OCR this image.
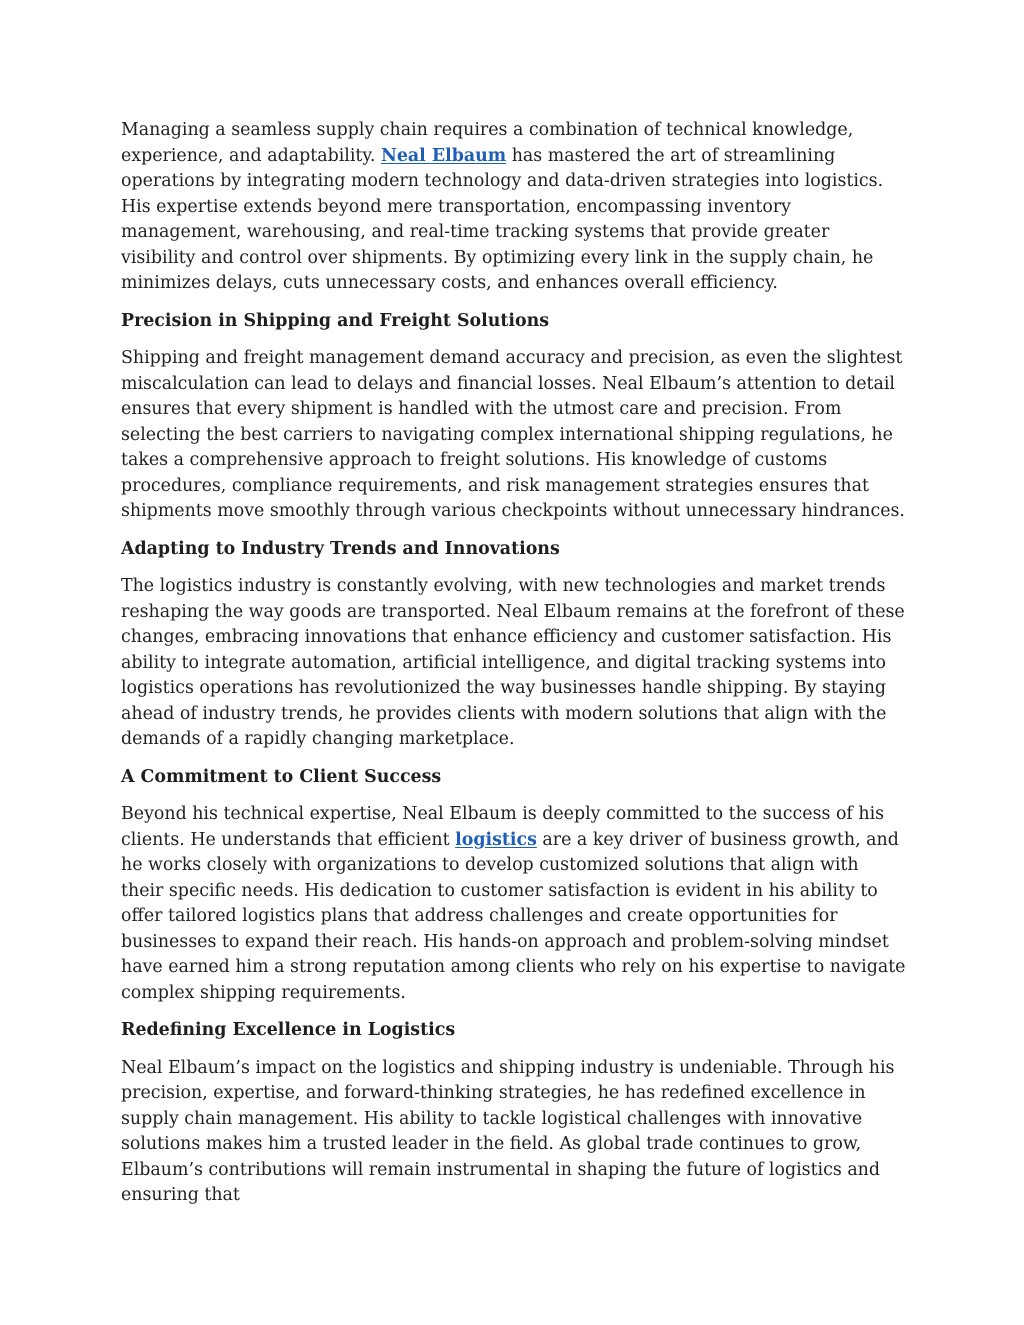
Managing a seamless supply chain requires a combination of technical knowledge, experience, and adaptability. Neal Elbaum has mastered the art of streamlining operations by integrating modern technology and data-driven strategies into logistics. His expertise extends beyond mere transportation, encompassing inventory management, warehousing, and real-time tracking systems that provide greater visibility and control over shipments. By optimizing every link in the supply chain, he minimizes delays, cuts unnecessary costs, and enhances overall efficiency.

Precision in Shipping and Freight Solutions

Shipping and freight management demand accuracy and precision, as even the slightest miscalculation can lead to delays and financial losses. Neal Elbaum’s attention to detail ensures that every shipment is handled with the utmost care and precision. From selecting the best carriers to navigating complex international shipping regulations, he takes a comprehensive approach to freight solutions. His knowledge of customs procedures, compliance requirements, and risk management strategies ensures that shipments move smoothly through various checkpoints without unnecessary hindrances.

Adapting to Industry Trends and Innovations

The logistics industry is constantly evolving, with new technologies and market trends reshaping the way goods are transported. Neal Elbaum remains at the forefront of these changes, embracing innovations that enhance efficiency and customer satisfaction. His ability to integrate automation, artificial intelligence, and digital tracking systems into logistics operations has revolutionized the way businesses handle shipping. By staying ahead of industry trends, he provides clients with modern solutions that align with the demands of a rapidly changing marketplace.

A Commitment to Client Success

Beyond his technical expertise, Neal Elbaum is deeply committed to the success of his clients. He understands that efficient logistics are a key driver of business growth, and he works closely with organizations to develop customized solutions that align with their specific needs. His dedication to customer satisfaction is evident in his ability to offer tailored logistics plans that address challenges and create opportunities for businesses to expand their reach. His hands-on approach and problem-solving mindset have earned him a strong reputation among clients who rely on his expertise to navigate complex shipping requirements.

Redefining Excellence in Logistics

Neal Elbaum’s impact on the logistics and shipping industry is undeniable. Through his precision, expertise, and forward-thinking strategies, he has redefined excellence in supply chain management. His ability to tackle logistical challenges with innovative solutions makes him a trusted leader in the field. As global trade continues to grow, Elbaum’s contributions will remain instrumental in shaping the future of logistics and ensuring that
